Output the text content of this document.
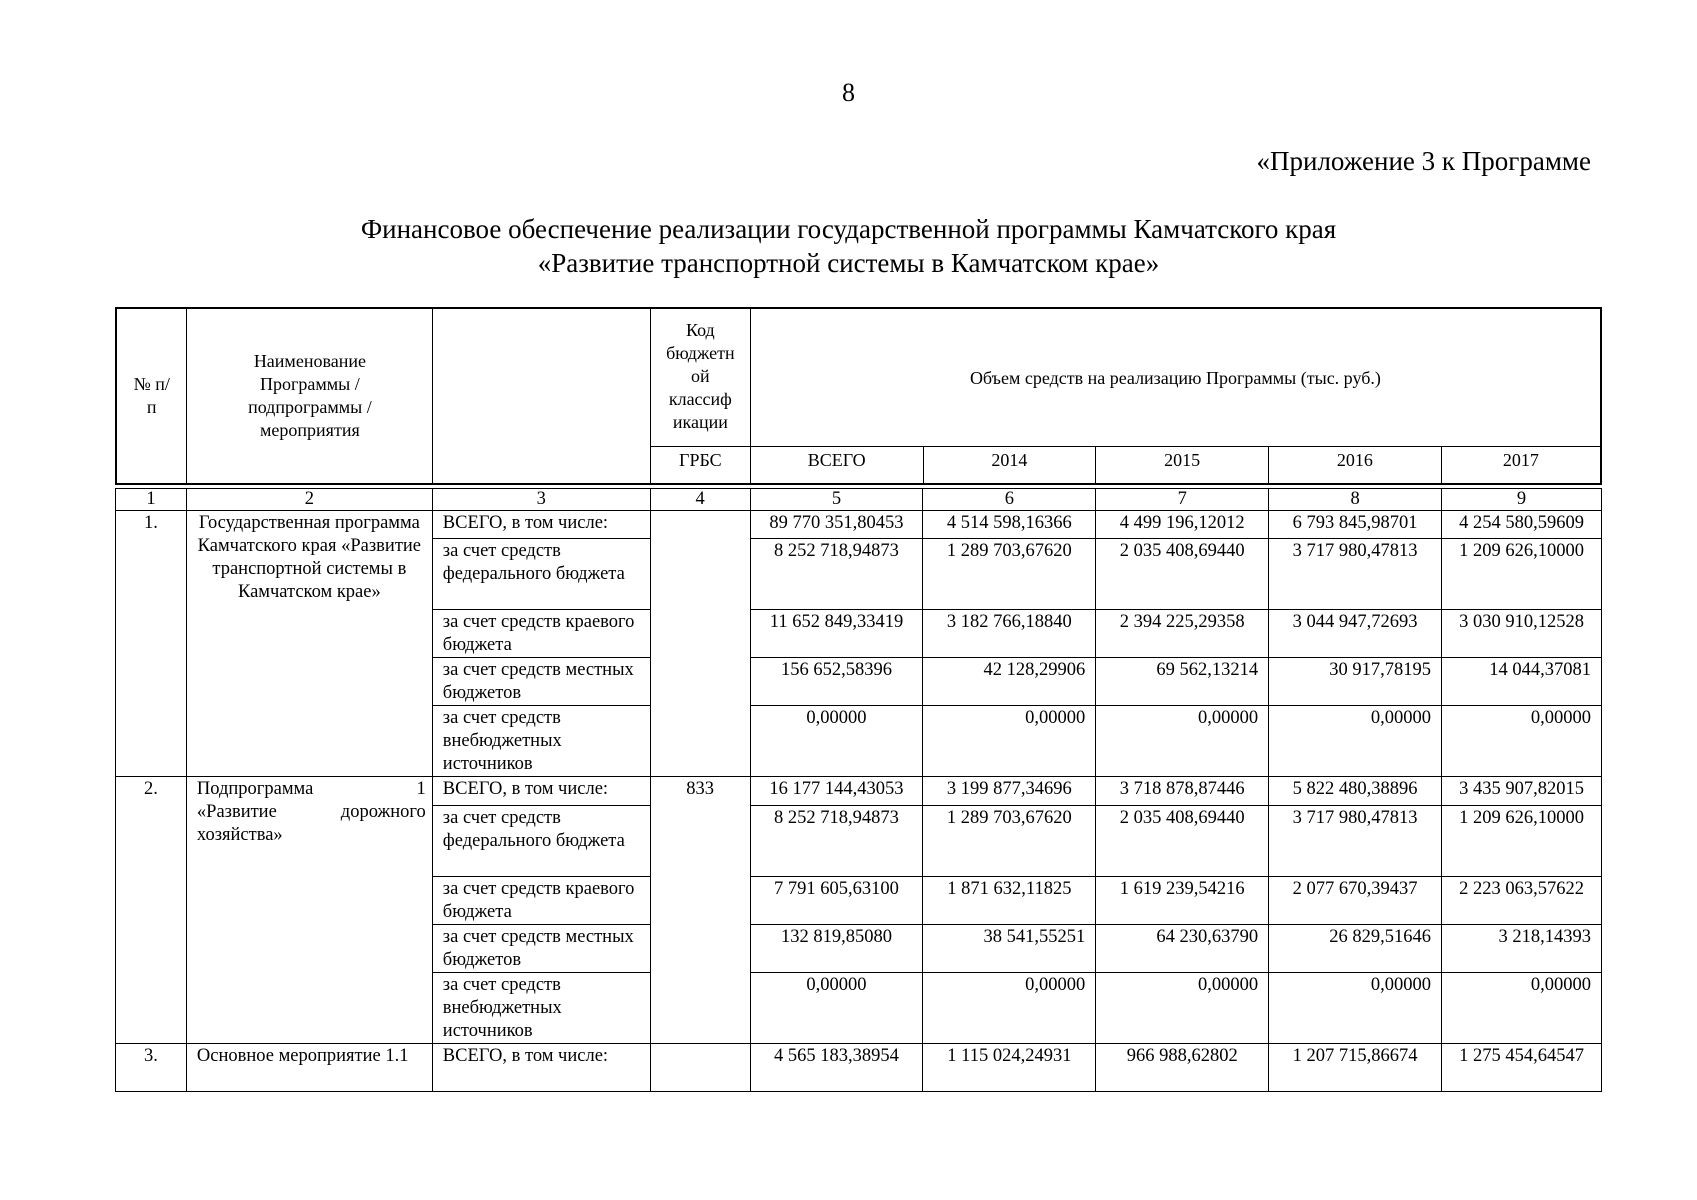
8
«Приложение 3 к Программе
Финансовое обеспечение реализации государственной программы Камчатского края
«Развитие транспортной системы в Камчатском крае»
№ п/п	Наименование Программы / подпрограммы / мероприятия		Код
бюджетн
ой
классиф
икации	Объем средств на реализацию Программы (тыс. руб.)				
			ГРБС	ВСЕГО	2014	2015	2016	2017
1	2	3	4	5	6	7	8	9
1.	Государственная программа Камчатского края «Развитие транспортной системы в Камчатском крае»	ВСЕГО, в том числе:		89 770 351,80453	4 514 598,16366	4 499 196,12012	6 793 845,98701	4 254 580,59609
		за счет средств федерального бюджета		8 252 718,94873	1 289 703,67620	2 035 408,69440	3 717 980,47813	1 209 626,10000
		за счет средств краевого бюджета		11 652 849,33419	3 182 766,18840	2 394 225,29358	3 044 947,72693	3 030 910,12528
		за счет средств местных бюджетов		156 652,58396	42 128,29906	69 562,13214	30 917,78195	14 044,37081
		за счет средств внебюджетных источников		0,00000	0,00000	0,00000	0,00000	0,00000
2.	Подпрограмма 1
«Развитие дорожного
хозяйства»	ВСЕГО, в том числе:	833	16 177 144,43053	3 199 877,34696	3 718 878,87446	5 822 480,38896	3 435 907,82015
		за счет средств федерального бюджета		8 252 718,94873	1 289 703,67620	2 035 408,69440	3 717 980,47813	1 209 626,10000
		за счет средств краевого бюджета		7 791 605,63100	1 871 632,11825	1 619 239,54216	2 077 670,39437	2 223 063,57622
		за счет средств местных бюджетов		132 819,85080	38 541,55251	64 230,63790	26 829,51646	3 218,14393
		за счет средств внебюджетных источников		0,00000	0,00000	0,00000	0,00000	0,00000
3.	Основное мероприятие 1.1	ВСЕГО, в том числе:		4 565 183,38954	1 115 024,24931	966 988,62802	1 207 715,86674	1 275 454,64547
